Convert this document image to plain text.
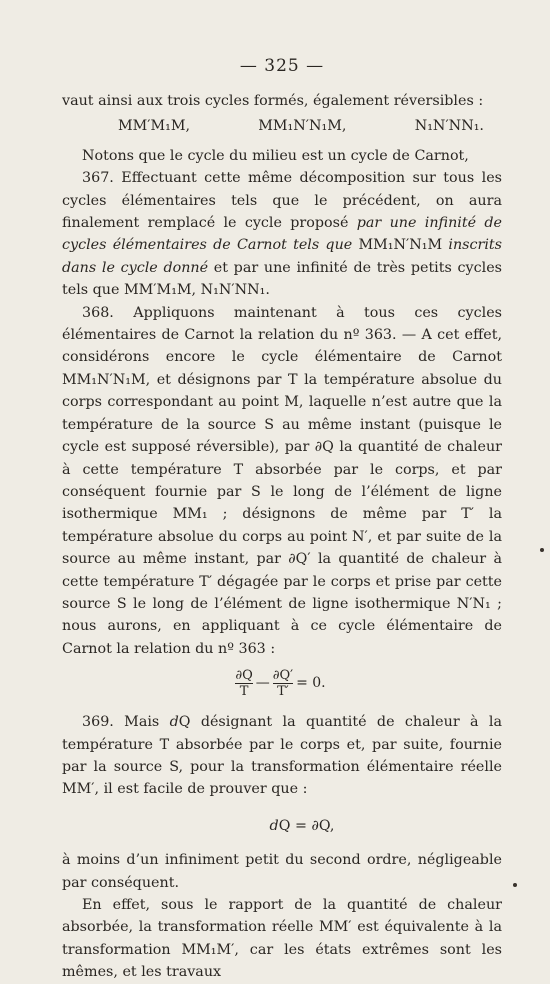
— 325 —

vaut ainsi aux trois cycles formés, également réversibles :

MM′M₁M,	MM₁N′N₁M,	N₁N′NN₁.

Notons que le cycle du milieu est un cycle de Carnot,

367. Effectuant cette même décomposition sur tous les cycles élémentaires tels que le précédent, on aura finalement remplacé le cycle proposé par une infinité de cycles élémentaires de Carnot tels que MM₁N′N₁M inscrits dans le cycle donné et par une infinité de très petits cycles tels que MM′M₁M, N₁N′NN₁.

368. Appliquons maintenant à tous ces cycles élémentaires de Carnot la relation du nº 363. — A cet effet, considérons encore le cycle élémentaire de Carnot MM₁N′N₁M, et désignons par T la température absolue du corps correspondant au point M, laquelle n’est autre que la température de la source S au même instant (puisque le cycle est supposé réversible), par ∂Q la quantité de chaleur à cette température T absorbée par le corps, et par conséquent fournie par S le long de l’élément de ligne isothermique MM₁ ; désignons de même par T′ la température absolue du corps au point N′, et par suite de la source au même instant, par ∂Q′ la quantité de chaleur à cette température T′ dégagée par le corps et prise par cette source S le long de l’élément de ligne isothermique N′N₁ ; nous aurons, en appliquant à ce cycle élémentaire de Carnot la relation du nº 363 :

$\frac{\partial Q}{T}$ — $\frac{\partial Q'}{T'} = 0$.

369. Mais dQ désignant la quantité de chaleur à la température T absorbée par le corps et, par suite, fournie par la source S, pour la transformation élémentaire réelle MM′, il est facile de prouver que :

dQ = ∂Q,

à moins d’un infiniment petit du second ordre, négligeable par conséquent.

En effet, sous le rapport de la quantité de chaleur absorbée, la transformation réelle MM′ est équivalente à la transformation MM₁M′, car les états extrêmes sont les mêmes, et les travaux
